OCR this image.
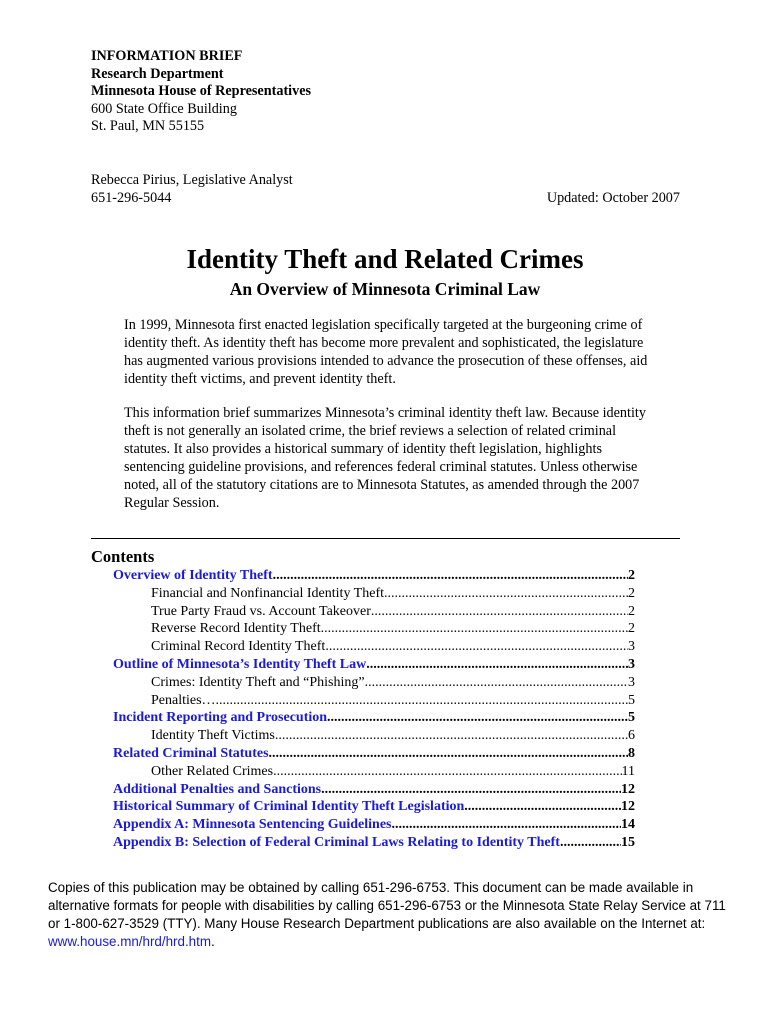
INFORMATION BRIEF
Research Department
Minnesota House of Representatives
600 State Office Building
St. Paul, MN 55155
Rebecca Pirius, Legislative Analyst
651-296-5044	Updated: October 2007
Identity Theft and Related Crimes
An Overview of Minnesota Criminal Law
In 1999, Minnesota first enacted legislation specifically targeted at the burgeoning crime of identity theft. As identity theft has become more prevalent and sophisticated, the legislature has augmented various provisions intended to advance the prosecution of these offenses, aid identity theft victims, and prevent identity theft.
This information brief summarizes Minnesota’s criminal identity theft law. Because identity theft is not generally an isolated crime, the brief reviews a selection of related criminal statutes. It also provides a historical summary of identity theft legislation, highlights sentencing guideline provisions, and references federal criminal statutes. Unless otherwise noted, all of the statutory citations are to Minnesota Statutes, as amended through the 2007 Regular Session.
Contents
Overview of Identity Theft .....	2
Financial and Nonfinancial Identity Theft .....	2
True Party Fraud vs. Account Takeover .....	2
Reverse Record Identity Theft .....	2
Criminal Record Identity Theft .....	3
Outline of Minnesota’s Identity Theft Law .....	3
Crimes: Identity Theft and “Phishing” .....	3
Penalties….. .....	5
Incident Reporting and Prosecution .....	5
Identity Theft Victims .....	6
Related Criminal Statutes .....	8
Other Related Crimes .....	11
Additional Penalties and Sanctions .....	12
Historical Summary of Criminal Identity Theft Legislation .....	12
Appendix A: Minnesota Sentencing Guidelines .....	14
Appendix B: Selection of Federal Criminal Laws Relating to Identity Theft .....	15
Copies of this publication may be obtained by calling 651-296-6753. This document can be made available in alternative formats for people with disabilities by calling 651-296-6753 or the Minnesota State Relay Service at 711 or 1-800-627-3529 (TTY). Many House Research Department publications are also available on the Internet at: www.house.mn/hrd/hrd.htm.
